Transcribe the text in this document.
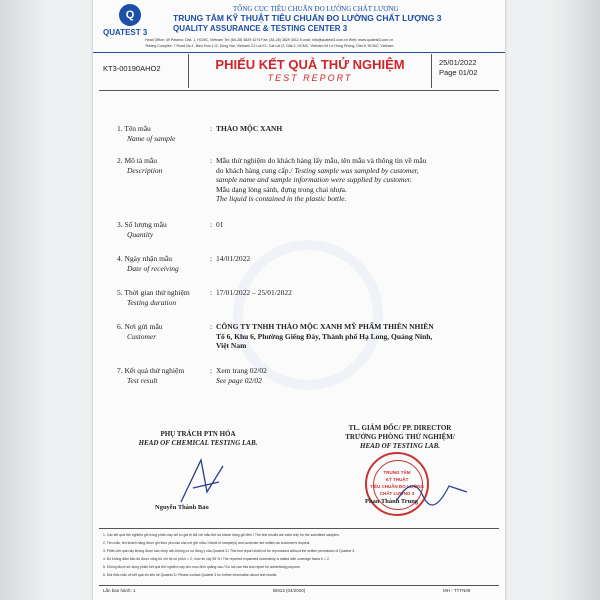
Q
QUATEST 3
TỔNG CỤC TIÊU CHUẨN ĐO LƯỜNG CHẤT LƯỢNG
TRUNG TÂM KỸ THUẬT TIÊU CHUẨN ĐO LƯỜNG CHẤT LƯỢNG 3
QUALITY ASSURANCE & TESTING CENTER 3
Head Office: 49 Pasteur, Dist. 1, HCMC, Vietnam Tel: (84-28) 3829 4274 Fax: (84-28) 3829 3012 E-mail: info@quatest3.com.vn Web: www.quatest3.com.vn
Testing Complex: 7 Road No.1, Bien Hoa 1 IZ, Dong Nai, Vietnam C3 Lot K1, Cat Lai IZ, Dist.2, HCMC, Vietnam 64 Le Hong Phong, Dist.5, HCMC, Vietnam
KT3-00190AHO2	PHIẾU KẾT QUẢ THỬ NGHIỆM
TEST REPORT
25/01/2022
Page 01/02
1. Tên mẫu
Name of sample
: THẢO MỘC XANH
2. Mô tả mẫu
Description
: Mẫu thử nghiệm do khách hàng lấy mẫu, tên mẫu và thông tin về mẫu
do khách hàng cung cấp./ Testing sample was sampled by customer,
sample name and sample information were supplied by customer.
Mẫu dạng lỏng sánh, đựng trong chai nhựa.
The liquid is contained in the plastic bottle.
3. Số lượng mẫu
Quantity
: 01
4. Ngày nhận mẫu
Date of receiving
: 14/01/2022
5. Thời gian thử nghiệm
Testing duration
: 17/01/2022 – 25/01/2022
6. Nơi gửi mẫu
Customer
: CÔNG TY TNHH THẢO MỘC XANH MỸ PHẨM THIÊN NHIÊN
Tổ 6, Khu 6, Phường Giếng Đáy, Thành phố Hạ Long, Quảng Ninh,
Việt Nam
7. Kết quả thử nghiệm
Test result
: Xem trang 02/02
See page 02/02
PHỤ TRÁCH PTN HÓA
HEAD OF CHEMICAL TESTING LAB.
Nguyễn Thành Bảo
TL. GIÁM ĐỐC/ PP. DIRECTOR
TRƯỞNG PHÒNG THỬ NGHIỆM/
HEAD OF TESTING LAB.
TRUNG TÂM
KỸ THUẬT
TIÊU CHUẨN ĐO LƯỜNG
CHẤT LƯỢNG 3
Phan Thành Trung
1. Các kết quả thử nghiệm ghi trong phiếu này chỉ có giá trị đối với mẫu thử do khách hàng gửi đến./ The test results are valid only for the submitted samples.
2. Tên mẫu, tên khách hàng được ghi theo yêu cầu của nơi gửi mẫu./ Name of sample(s) and customer are written as customer's request.
3. Phiếu kết quả này không được sao chép nếu không có sự đồng ý của Quatest 3./ This test report shall not be reproduced without the written permission of Quatest 3.
4. Độ không đảm bảo đo được công bố với hệ số phủ k = 2, mức tin cậy 95 %./ The reported expanded uncertainty is stated with coverage factor k = 2.
5. Không được sử dụng phiếu kết quả thử nghiệm này cho mục đích quảng cáo./ Do not use this test report for advertising purpose.
6. Mọi thắc mắc về kết quả xin liên hệ Quatest 3./ Please contact Quatest 3 for further information about test results.
Lần ban hành: 1	BM13 (04/2020)	MH - TTTN09
